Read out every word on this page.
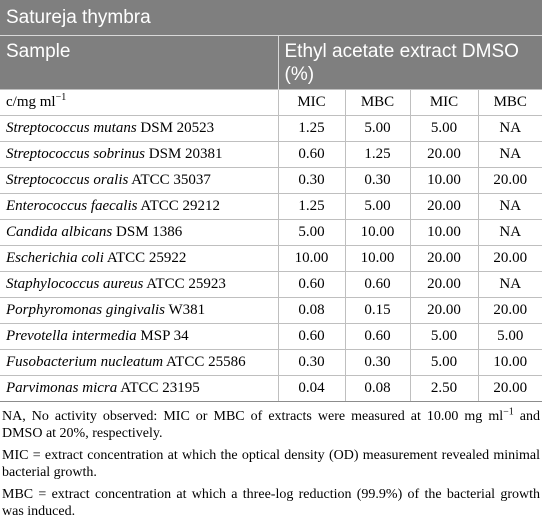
Satureja thymbra
Sample	Ethyl acetate extract DMSO (%)			
c/mg $ml^{-1}$	MIC	MBC	MIC	MBC
Streptococcus mutans DSM 20523	1.25	5.00	5.00	NA
Streptococcus sobrinus DSM 20381	0.60	1.25	20.00	NA
Streptococcus oralis ATCC 35037	0.30	0.30	10.00	20.00
Enterococcus faecalis ATCC 29212	1.25	5.00	20.00	NA
Candida albicans DSM 1386	5.00	10.00	10.00	NA
Escherichia coli ATCC 25922	10.00	10.00	20.00	20.00
Staphylococcus aureus ATCC 25923	0.60	0.60	20.00	NA
Porphyromonas gingivalis W381	0.08	0.15	20.00	20.00
Prevotella intermedia MSP 34	0.60	0.60	5.00	5.00
Fusobacterium nucleatum ATCC 25586	0.30	0.30	5.00	10.00
Parvimonas micra ATCC 23195	0.04	0.08	2.50	20.00

NA, No activity observed: MIC or MBC of extracts were measured at 10.00 mg $ml^{-1}$ and DMSO at 20%, respectively.

MIC = extract concentration at which the optical density (OD) measurement revealed minimal bacterial growth.

MBC = extract concentration at which a three-log reduction (99.9%) of the bacterial growth was induced.
